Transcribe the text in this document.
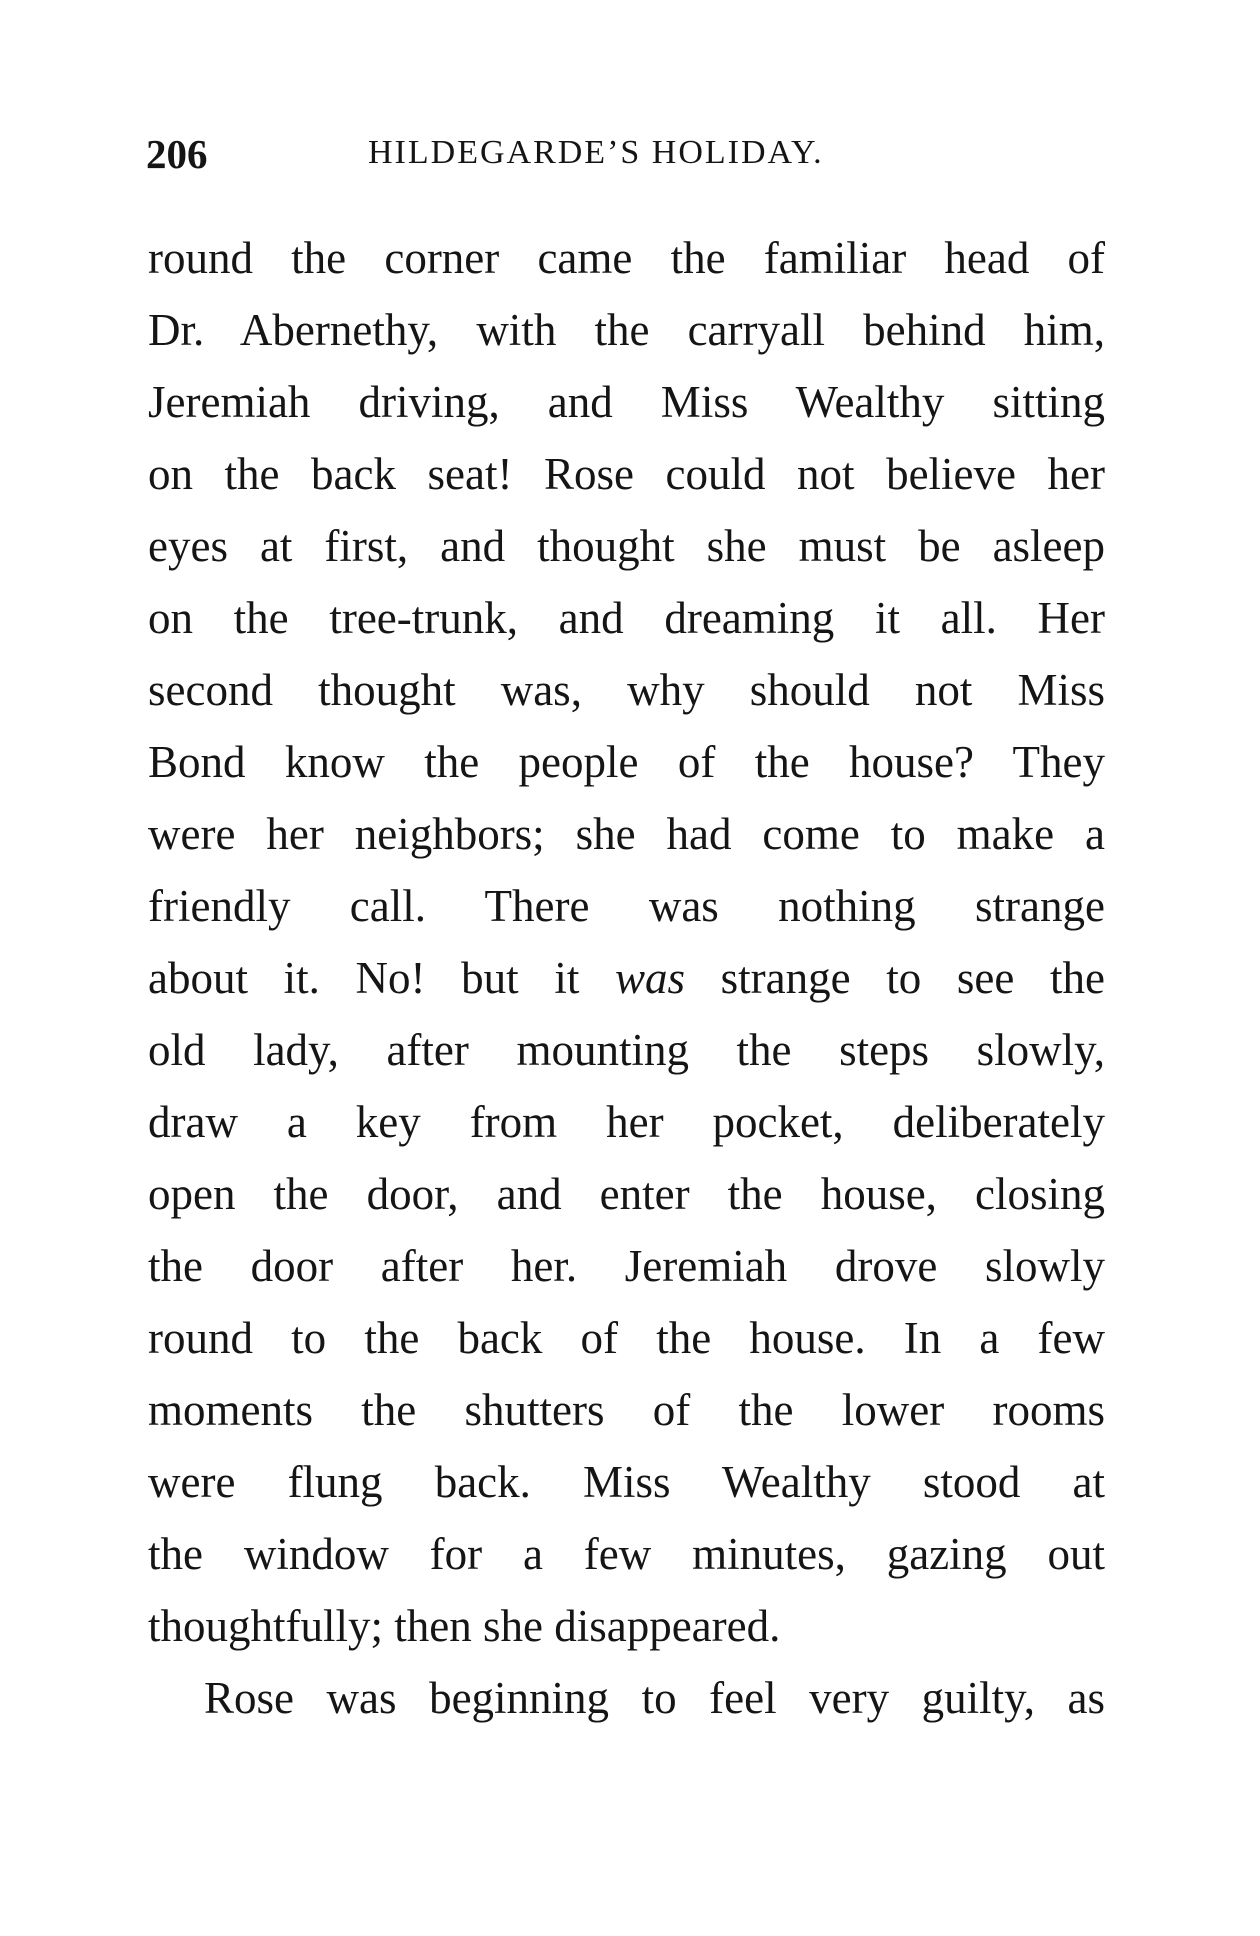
206	HILDEGARDE’S HOLIDAY.
round the corner came the familiar head of
Dr. Abernethy, with the carryall behind him,
Jeremiah driving, and Miss Wealthy sitting
on the back seat! Rose could not believe her
eyes at first, and thought she must be asleep
on the tree-trunk, and dreaming it all. Her
second thought was, why should not Miss
Bond know the people of the house? They
were her neighbors; she had come to make a
friendly call. There was nothing strange
about it. No! but it was strange to see the
old lady, after mounting the steps slowly,
draw a key from her pocket, deliberately
open the door, and enter the house, closing
the door after her. Jeremiah drove slowly
round to the back of the house. In a few
moments the shutters of the lower rooms
were flung back. Miss Wealthy stood at
the window for a few minutes, gazing out
thoughtfully; then she disappeared.
Rose was beginning to feel very guilty, as
